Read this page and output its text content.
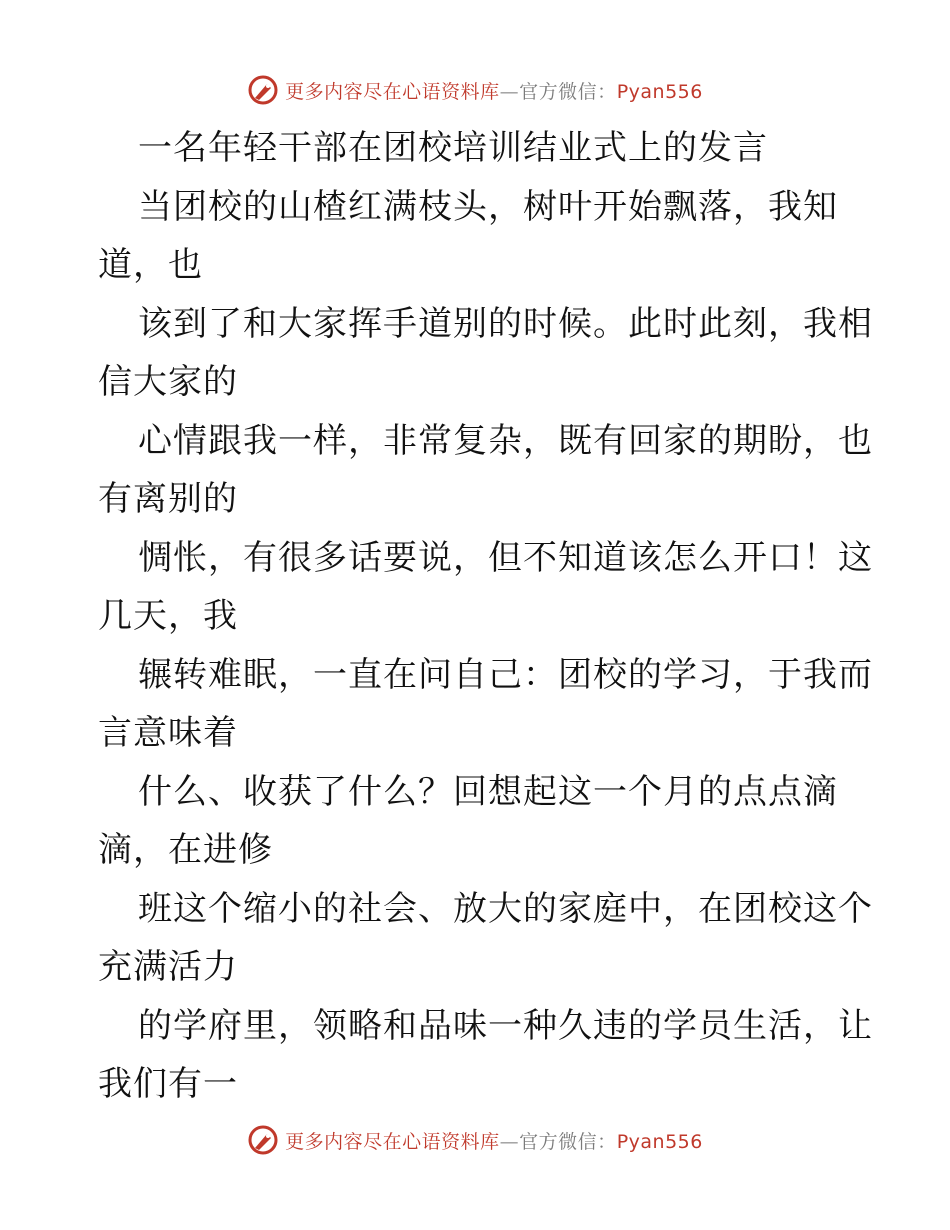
更多内容尽在心语资料库—官方微信：Pyan556
一名年轻干部在团校培训结业式上的发言
当团校的山楂红满枝头，树叶开始飘落，我知
道，也
该到了和大家挥手道别的时候。此时此刻，我相
信大家的
心情跟我一样，非常复杂，既有回家的期盼，也
有离别的
惆怅，有很多话要说，但不知道该怎么开口！这
几天，我
辗转难眠，一直在问自己：团校的学习，于我而
言意味着
什么、收获了什么？回想起这一个月的点点滴
滴，在进修
班这个缩小的社会、放大的家庭中，在团校这个
充满活力
的学府里，领略和品味一种久违的学员生活，让
我们有一
更多内容尽在心语资料库—官方微信：Pyan556
